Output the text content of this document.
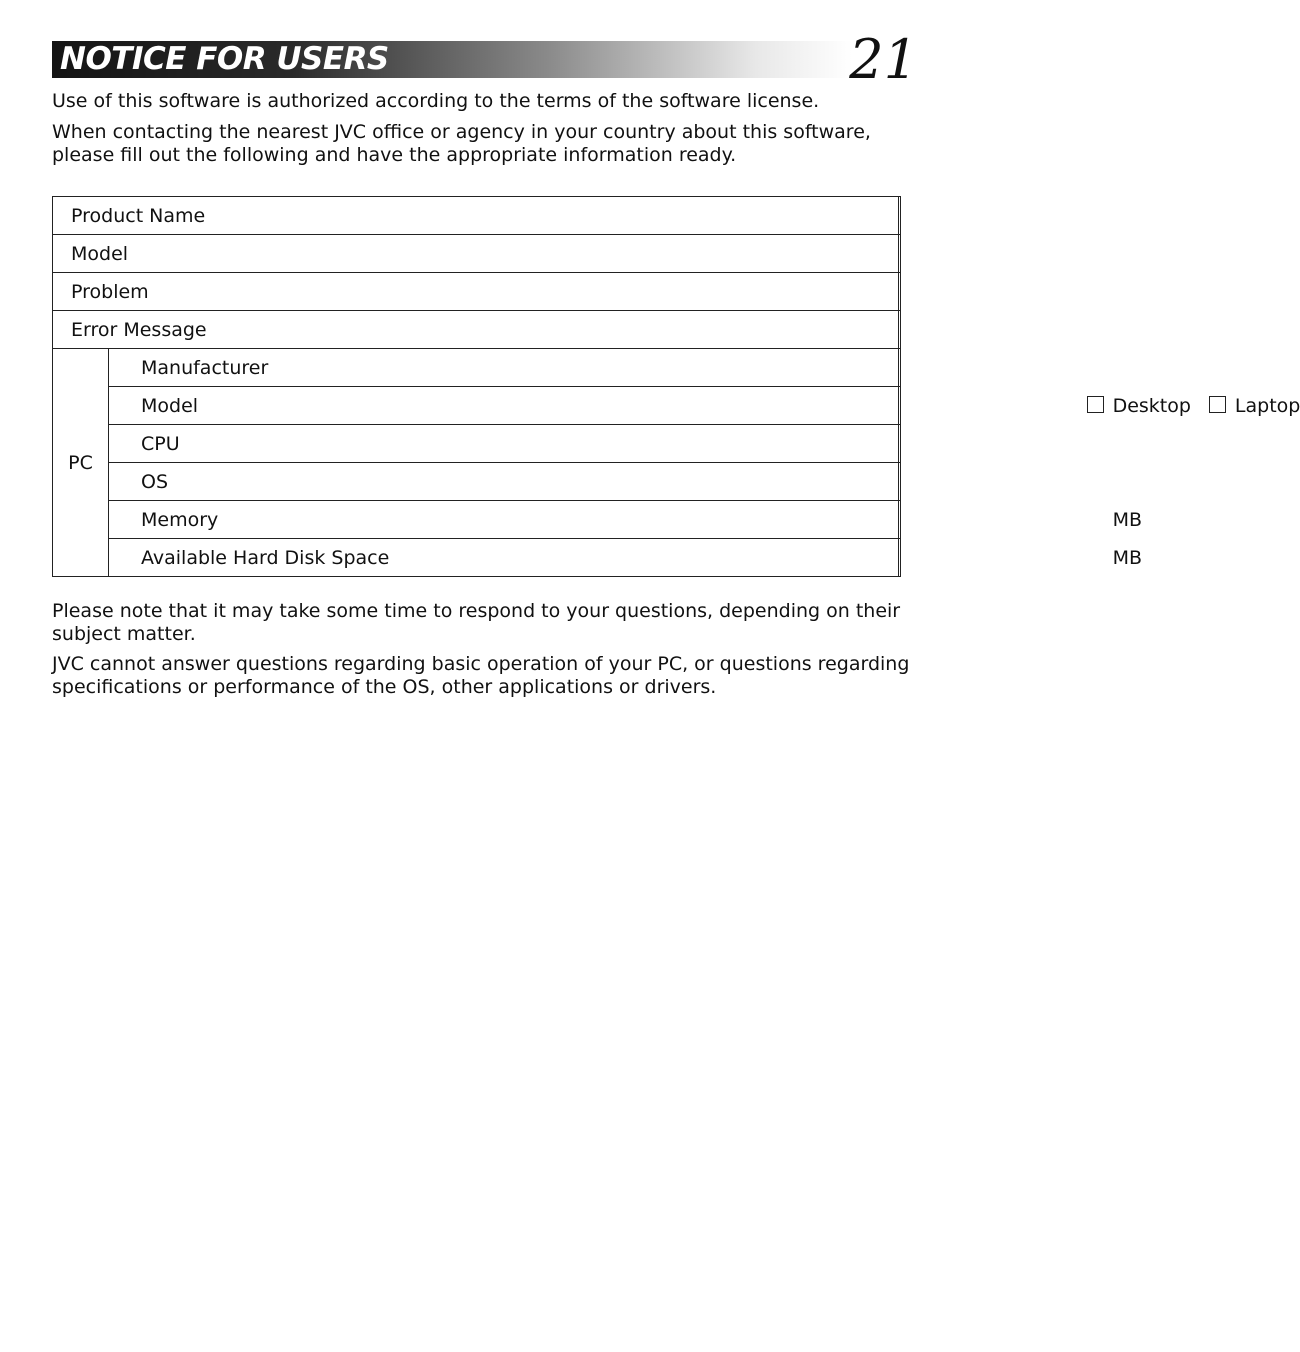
NOTICE FOR USERS	21

Use of this software is authorized according to the terms of the software license.

When contacting the nearest JVC office or agency in your country about this software, please fill out the following and have the appropriate information ready.

Product Name		
Model		
Problem		
Error Message		
PC	Manufacturer	
	Model	Desktop Laptop

	CPU	
	OS	
	Memory	MB

	Available Hard Disk Space	MB

Please note that it may take some time to respond to your questions, depending on their subject matter.

JVC cannot answer questions regarding basic operation of your PC, or questions regarding specifications or performance of the OS, other applications or drivers.
